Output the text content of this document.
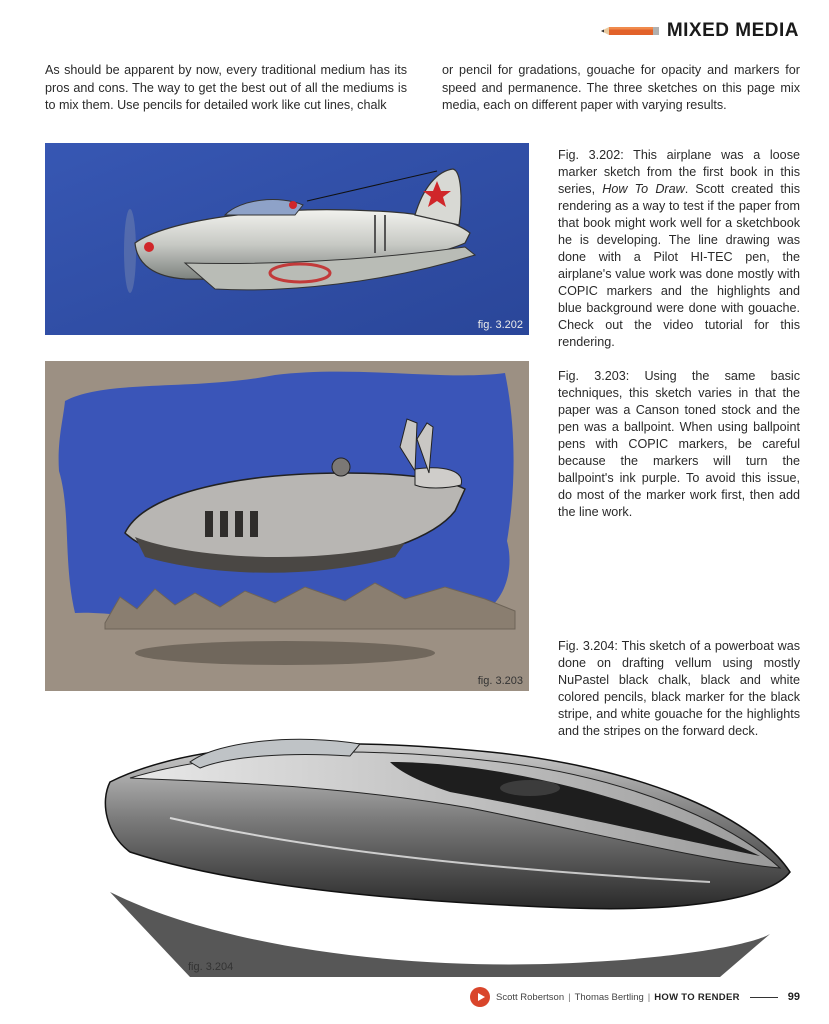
MIXED MEDIA
As should be apparent by now, every traditional medium has its pros and cons. The way to get the best out of all the mediums is to mix them. Use pencils for detailed work like cut lines, chalk
or pencil for gradations, gouache for opacity and markers for speed and permanence. The three sketches on this page mix media, each on different paper with varying results.
fig. 3.202
Fig. 3.202: This airplane was a loose marker sketch from the first book in this series, How To Draw. Scott created this rendering as a way to test if the paper from that book might work well for a sketchbook he is developing. The line drawing was done with a Pilot HI-TEC pen, the airplane's value work was done mostly with COPIC markers and the highlights and blue background were done with gouache. Check out the video tutorial for this rendering.
fig. 3.203
Fig. 3.203: Using the same basic techniques, this sketch varies in that the paper was a Canson toned stock and the pen was a ballpoint. When using ballpoint pens with COPIC markers, be careful because the markers will turn the ballpoint's ink purple. To avoid this issue, do most of the marker work first, then add the line work.
fig. 3.204
Fig. 3.204: This sketch of a powerboat was done on drafting vellum using mostly NuPastel black chalk, black and white colored pencils, black marker for the black stripe, and white gouache for the highlights and the stripes on the forward deck.
Scott Robertson | Thomas Bertling | HOW TO RENDER	99
